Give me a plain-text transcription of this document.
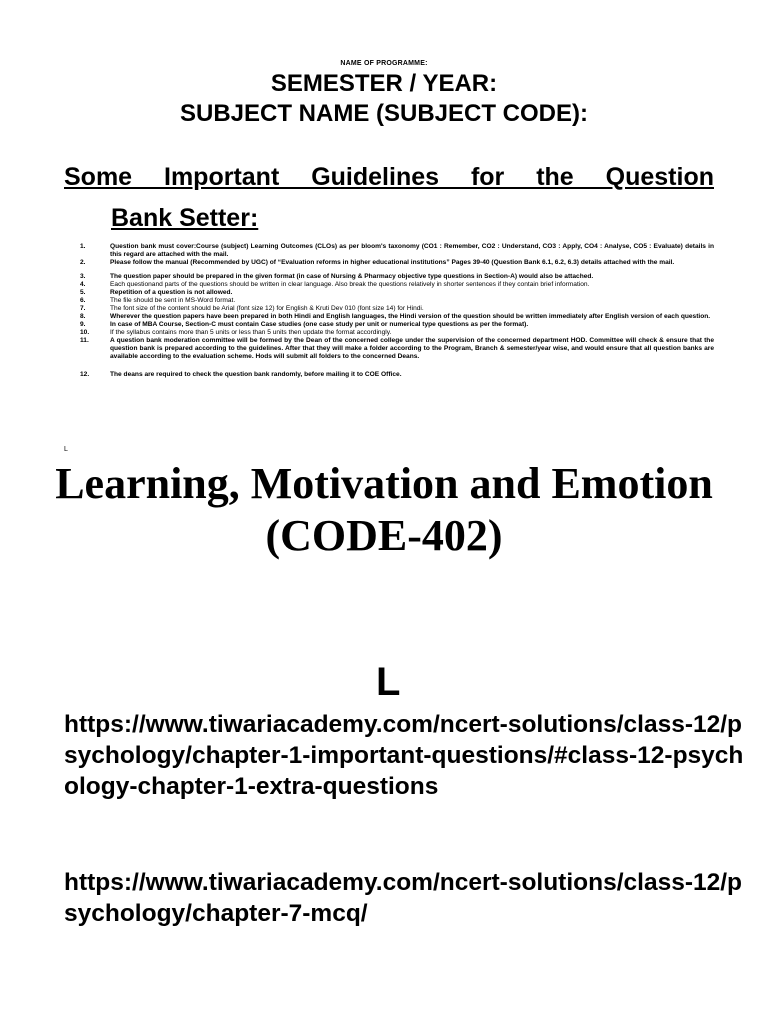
NAME OF PROGRAMME:
SEMESTER / YEAR:
SUBJECT NAME (SUBJECT CODE):
Some Important Guidelines for the Question
Bank Setter:
1.	Question bank must cover:Course (subject) Learning Outcomes (CLOs) as per bloom's taxonomy (CO1 : Remember, CO2 : Understand, CO3 : Apply, CO4 : Analyse, CO5 : Evaluate) details in this regard are attached with the mail.
2.	Please follow the manual (Recommended by UGC) of “Evaluation reforms in higher educational institutions” Pages 39-40 (Question Bank 6.1, 6.2, 6.3) details attached with the mail.
3.	The question paper should be prepared in the given format (in case of Nursing & Pharmacy objective type questions in Section-A) would also be attached.
4.	Each questionand parts of the questions should be written in clear language. Also break the questions relatively in shorter sentences if they contain brief information.
5.	Repetition of a question is not allowed.
6.	The file should be sent in MS-Word format.
7.	The font size of the content should be Arial (font size 12) for English & Kruti Dev 010 (font size 14) for Hindi.
8.	Wherever the question papers have been prepared in both Hindi and English languages, the Hindi version of the question should be written immediately after English version of each question.
9.	In case of MBA Course, Section-C must contain Case studies (one case study per unit or numerical type questions as per the format).
10.	If the syllabus contains more than 5 units or less than 5 units then update the format accordingly.
11.	A question bank moderation committee will be formed by the Dean of the concerned college under the supervision of the concerned department HOD. Committee will check & ensure that the question bank is prepared according to the guidelines. After that they will make a folder according to the Program, Branch & semester/year wise, and would ensure that all question banks are available according to the evaluation scheme. Hods will submit all folders to the concerned Deans.
12.	The deans are required to check the question bank randomly, before mailing it to COE Office.
L
Learning, Motivation and Emotion (CODE-402)
L
https://www.tiwariacademy.com/ncert-solutions/class-12/psychology/chapter-1-important-questions/#class-12-psychology-chapter-1-extra-questions
https://www.tiwariacademy.com/ncert-solutions/class-12/psychology/chapter-7-mcq/
